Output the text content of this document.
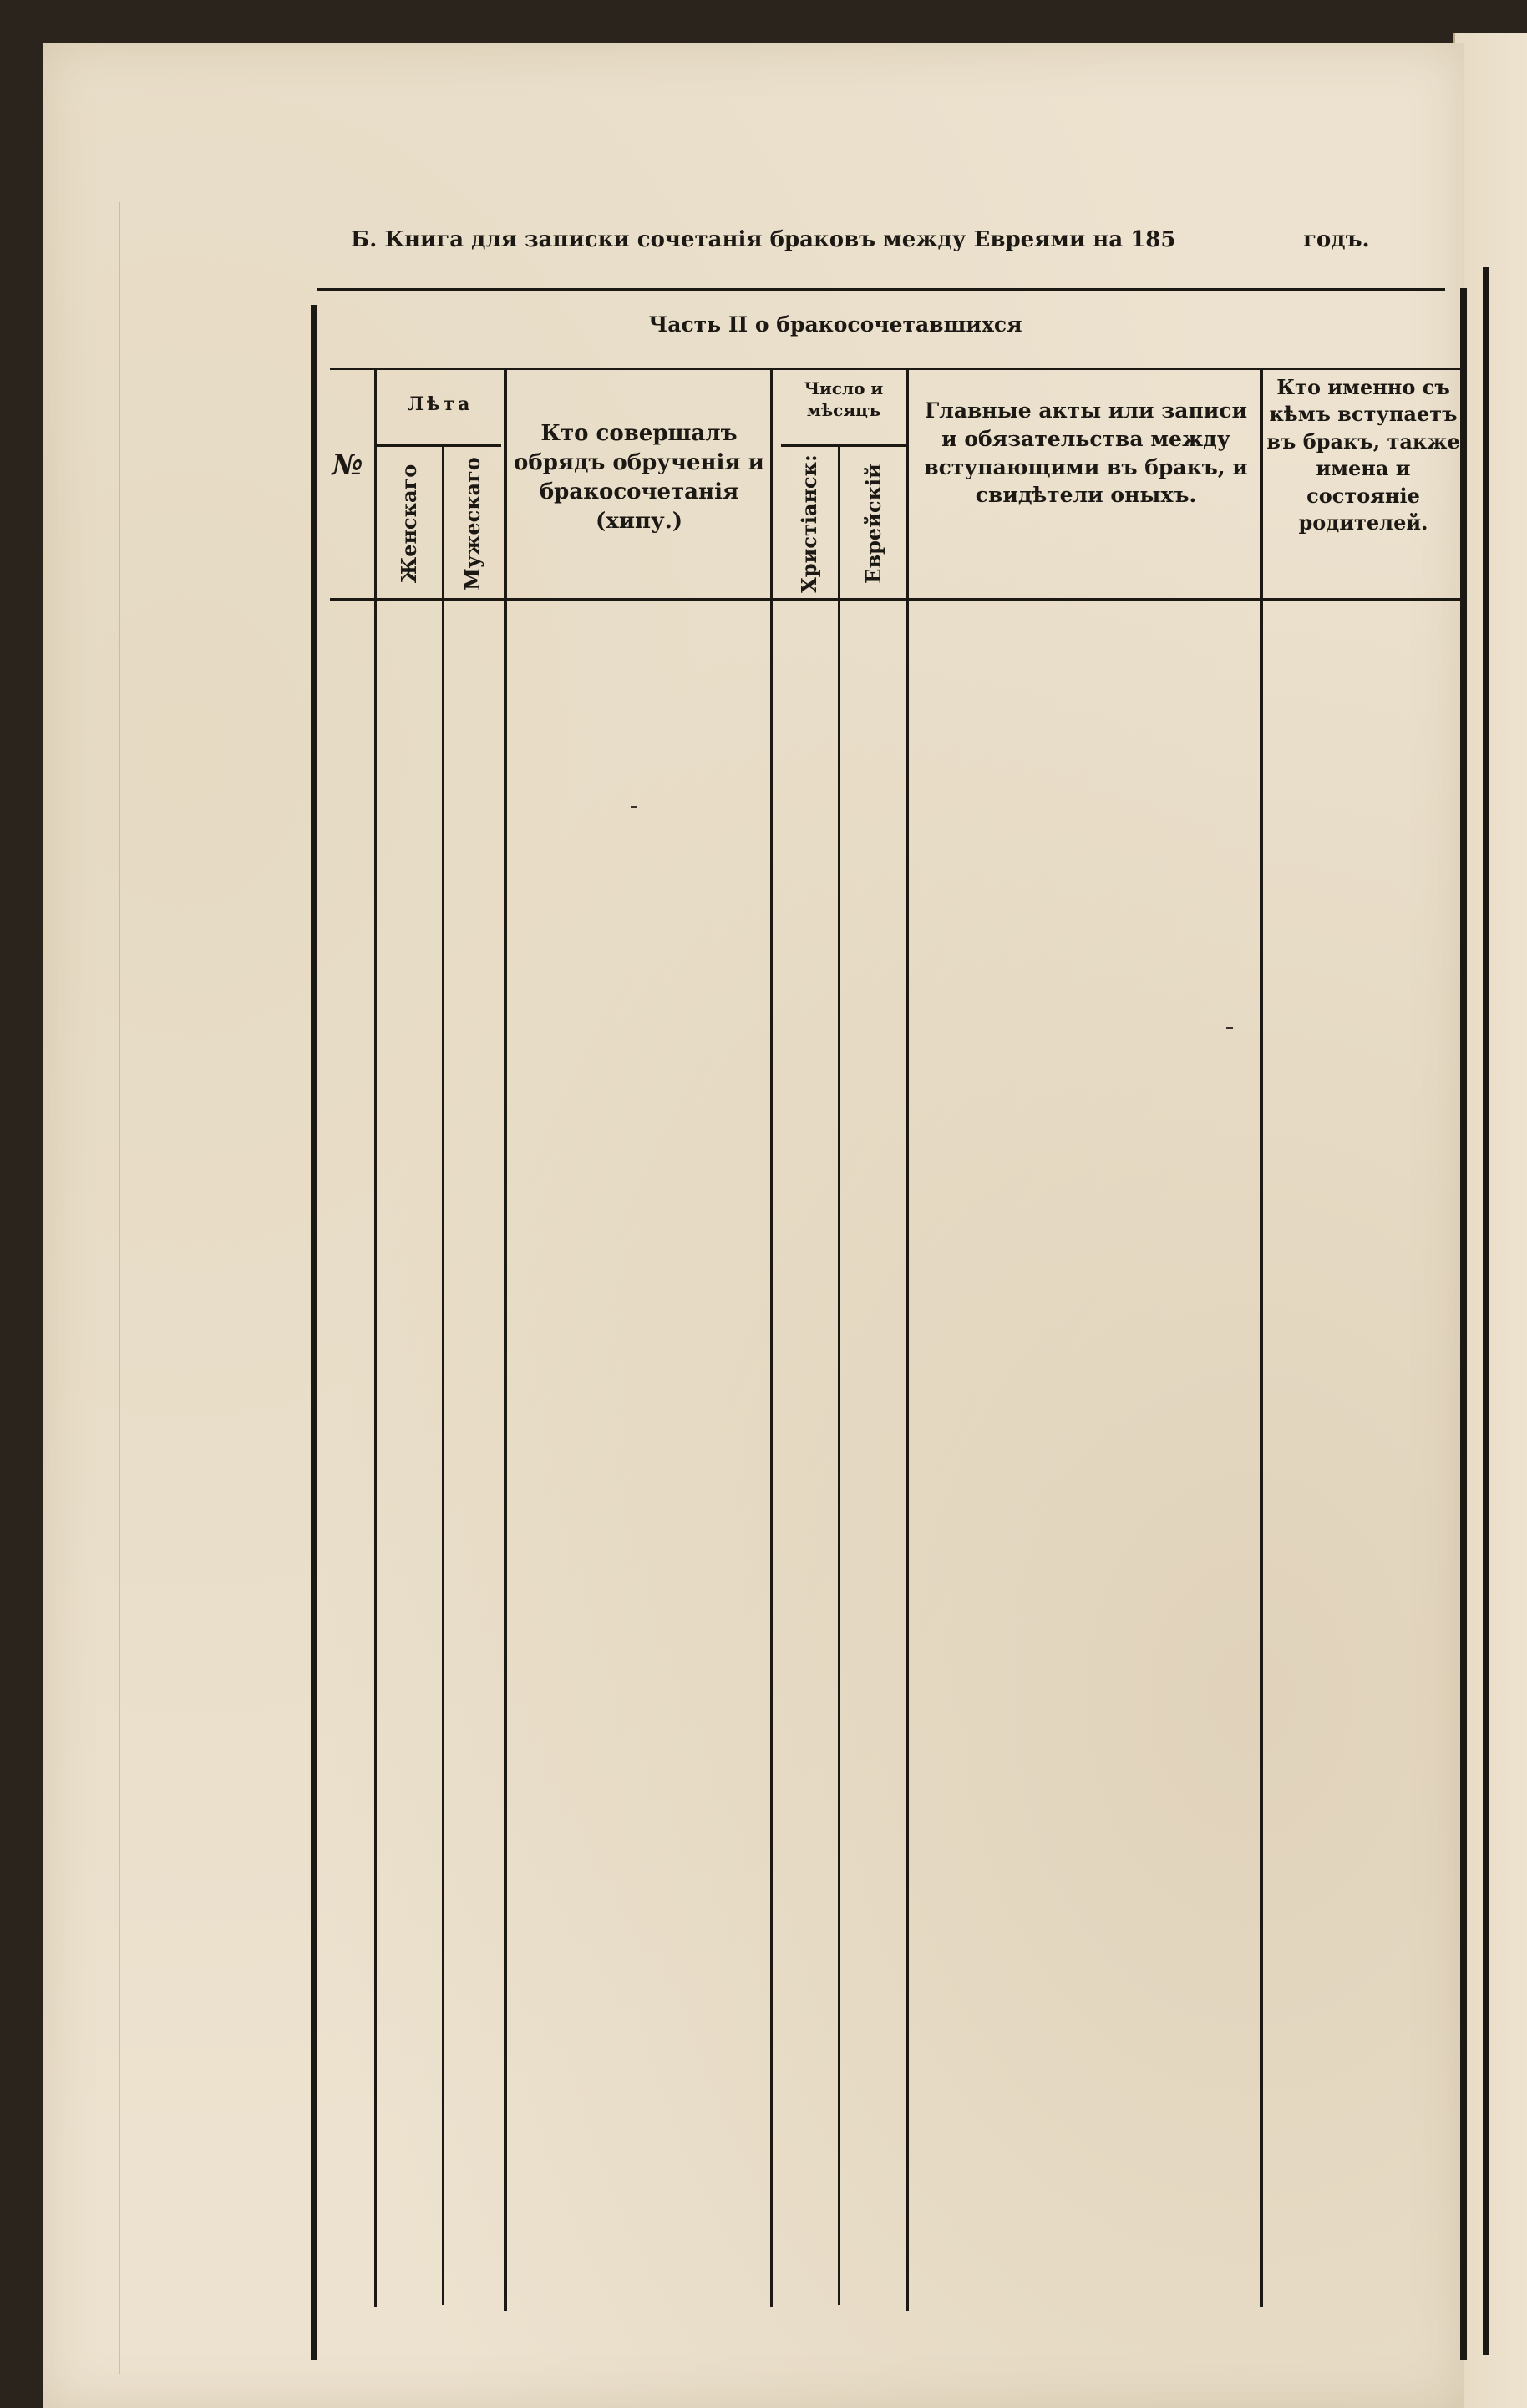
Б. Книга для записки сочетанія браковъ между Евреями на 185	годъ.
Часть II о бракосочетавшихся
№
Лѣта
Женскаго Мужескаго
Кто совершалъ обрядъ обрученія и бракосочетанія (хипу.)
Число и мѣсяцъ
Христіанск: Еврейскій
Главные акты или записи и обязательства между вступающими въ бракъ, и свидѣтели оныхъ.
Кто именно съ кѣмъ вступаетъ въ бракъ, также имена и состояніе родителей.
